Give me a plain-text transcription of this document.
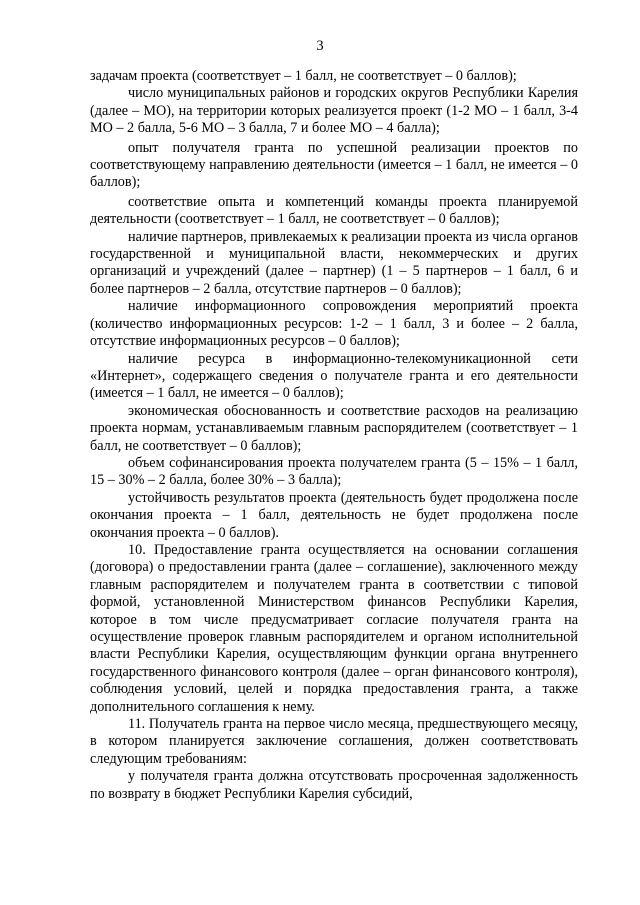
3

задачам проекта (соответствует – 1 балл, не соответствует – 0 баллов);

число муниципальных районов и городских округов Республики Карелия (далее – МО), на территории которых реализуется проект (1-2 МО – 1 балл, 3-4 МО – 2 балла, 5-6 МО – 3 балла, 7 и более МО – 4 балла);

опыт получателя гранта по успешной реализации проектов по соответствующему направлению деятельности (имеется – 1 балл, не имеется – 0 баллов);

соответствие опыта и компетенций команды проекта планируемой деятельности (соответствует – 1 балл, не соответствует – 0 баллов);

наличие партнеров, привлекаемых к реализации проекта из числа органов государственной и муниципальной власти, некоммерческих и других организаций и учреждений (далее – партнер) (1 – 5 партнеров – 1 балл, 6 и более партнеров – 2 балла, отсутствие партнеров – 0 баллов);

наличие информационного сопровождения мероприятий проекта (количество информационных ресурсов: 1-2 – 1 балл, 3 и более – 2 балла, отсутствие информационных ресурсов – 0 баллов);

наличие ресурса в информационно-телекомуникационной сети «Интернет», содержащего сведения о получателе гранта и его деятельности (имеется – 1 балл, не имеется – 0 баллов);

экономическая обоснованность и соответствие расходов на реализацию проекта нормам, устанавливаемым главным распорядителем (соответствует – 1 балл, не соответствует – 0 баллов);

объем софинансирования проекта получателем гранта (5 – 15% – 1 балл, 15 – 30% – 2 балла, более 30% – 3 балла);

устойчивость результатов проекта (деятельность будет продолжена после окончания проекта – 1 балл, деятельность не будет продолжена после окончания проекта – 0 баллов).

10. Предоставление гранта осуществляется на основании соглашения (договора) о предоставлении гранта (далее – соглашение), заключенного между главным распорядителем и получателем гранта в соответствии с типовой формой, установленной Министерством финансов Республики Карелия, которое в том числе предусматривает согласие получателя гранта на осуществление проверок главным распорядителем и органом исполнительной власти Республики Карелия, осуществляющим функции органа внутреннего государственного финансового контроля (далее – орган финансового контроля), соблюдения условий, целей и порядка предоставления гранта, а также дополнительного соглашения к нему.

11. Получатель гранта на первое число месяца, предшествующего месяцу, в котором планируется заключение соглашения, должен соответствовать следующим требованиям:

у получателя гранта должна отсутствовать просроченная задолженность по возврату в бюджет Республики Карелия субсидий,
